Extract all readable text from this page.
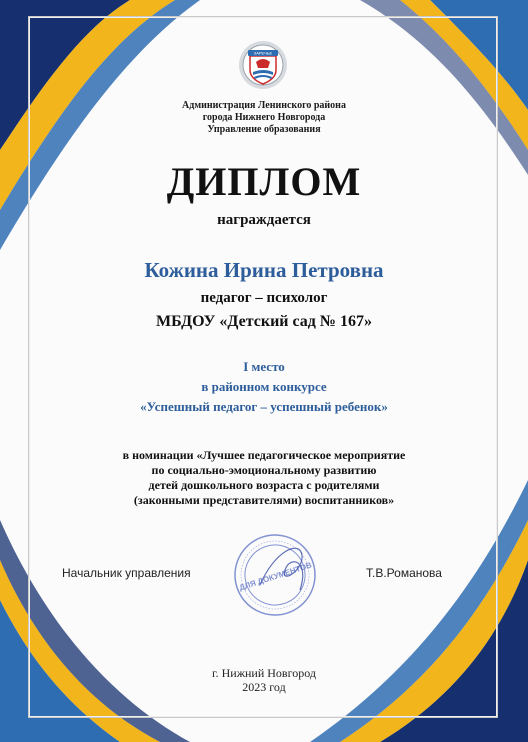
ЗАРЕЧЬЕ
Администрация Ленинского района
города Нижнего Новгорода
Управление образования
ДИПЛОМ
награждается
Кожина Ирина Петровна
педагог – психолог
МБДОУ «Детский сад № 167»
I место
в районном конкурсе
«Успешный педагог – успешный ребенок»
в номинации «Лучшее педагогическое мероприятие
по социально-эмоциональному развитию
детей дошкольного возраста с родителями
(законными представителями) воспитанников»
ДЛЯ ДОКУМЕНТОВ
Начальник управления	Т.В.Романова
г. Нижний Новгород
2023 год
